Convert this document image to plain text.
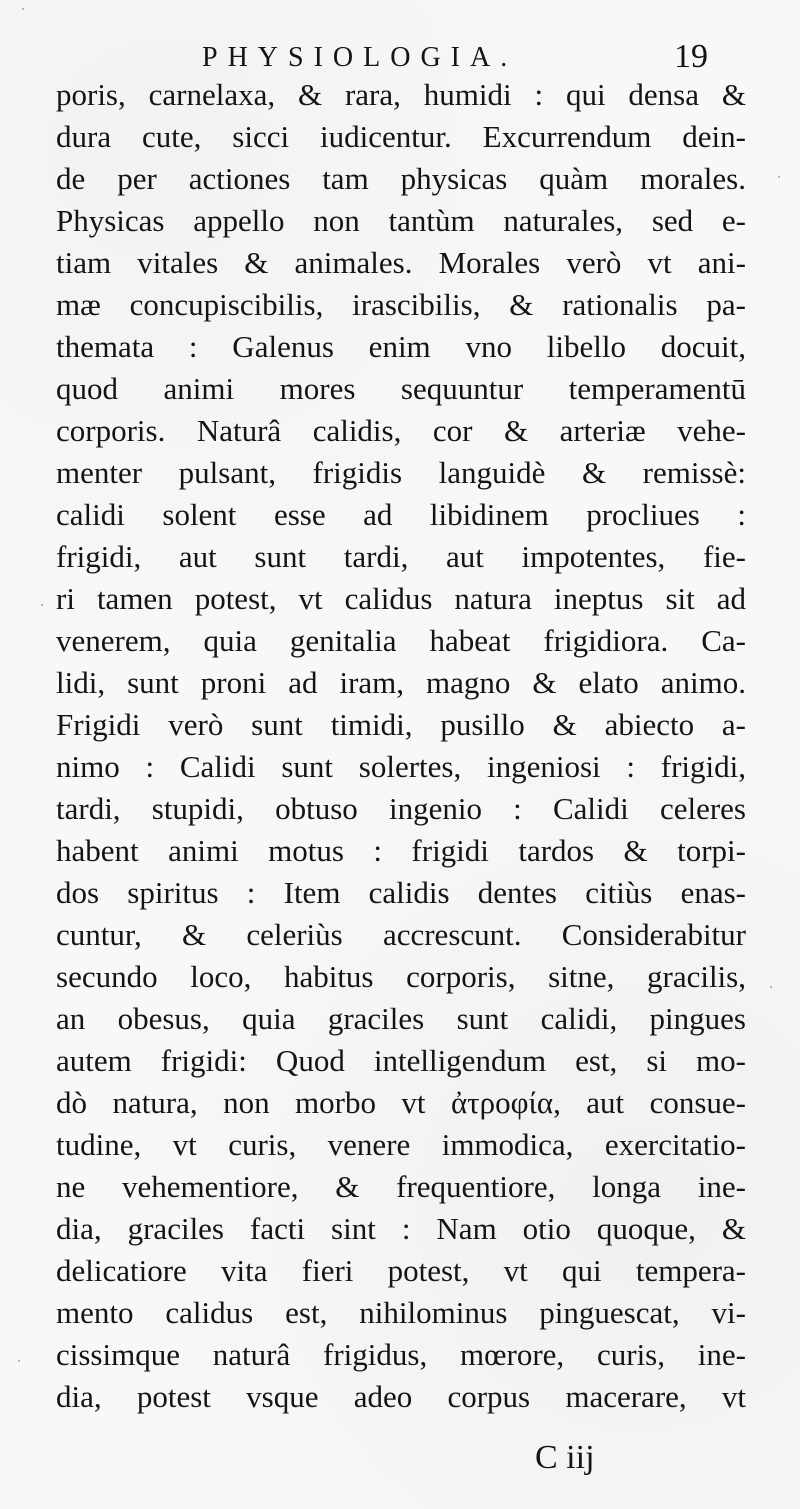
PHYSIOLOGIA.	19
poris, carnelaxa, & rara, humidi : qui densa &
dura cute, sicci iudicentur. Excurrendum dein-
de per actiones tam physicas quàm morales.
Physicas appello non tantùm naturales, sed e-
tiam vitales & animales. Morales verò vt ani-
mæ concupiscibilis, irascibilis, & rationalis pa-
themata : Galenus enim vno libello docuit,
quod animi mores sequuntur temperamentū
corporis. Naturâ calidis, cor & arteriæ vehe-
menter pulsant, frigidis languidè & remissè:
calidi solent esse ad libidinem procliues :
frigidi, aut sunt tardi, aut impotentes, fie-
ri tamen potest, vt calidus natura ineptus sit ad
venerem, quia genitalia habeat frigidiora. Ca-
lidi, sunt proni ad iram, magno & elato animo.
Frigidi verò sunt timidi, pusillo & abiecto a-
nimo : Calidi sunt solertes, ingeniosi : frigidi,
tardi, stupidi, obtuso ingenio : Calidi celeres
habent animi motus : frigidi tardos & torpi-
dos spiritus : Item calidis dentes citiùs enas-
cuntur, & celeriùs accrescunt. Considerabitur
secundo loco, habitus corporis, sitne, gracilis,
an obesus, quia graciles sunt calidi, pingues
autem frigidi: Quod intelligendum est, si mo-
dò natura, non morbo vt ἀτροφία, aut consue-
tudine, vt curis, venere immodica, exercitatio-
ne vehementiore, & frequentiore, longa ine-
dia, graciles facti sint : Nam otio quoque, &
delicatiore vita fieri potest, vt qui tempera-
mento calidus est, nihilominus pinguescat, vi-
cissimque naturâ frigidus, mœrore, curis, ine-
dia, potest vsque adeo corpus macerare, vt
C iij
